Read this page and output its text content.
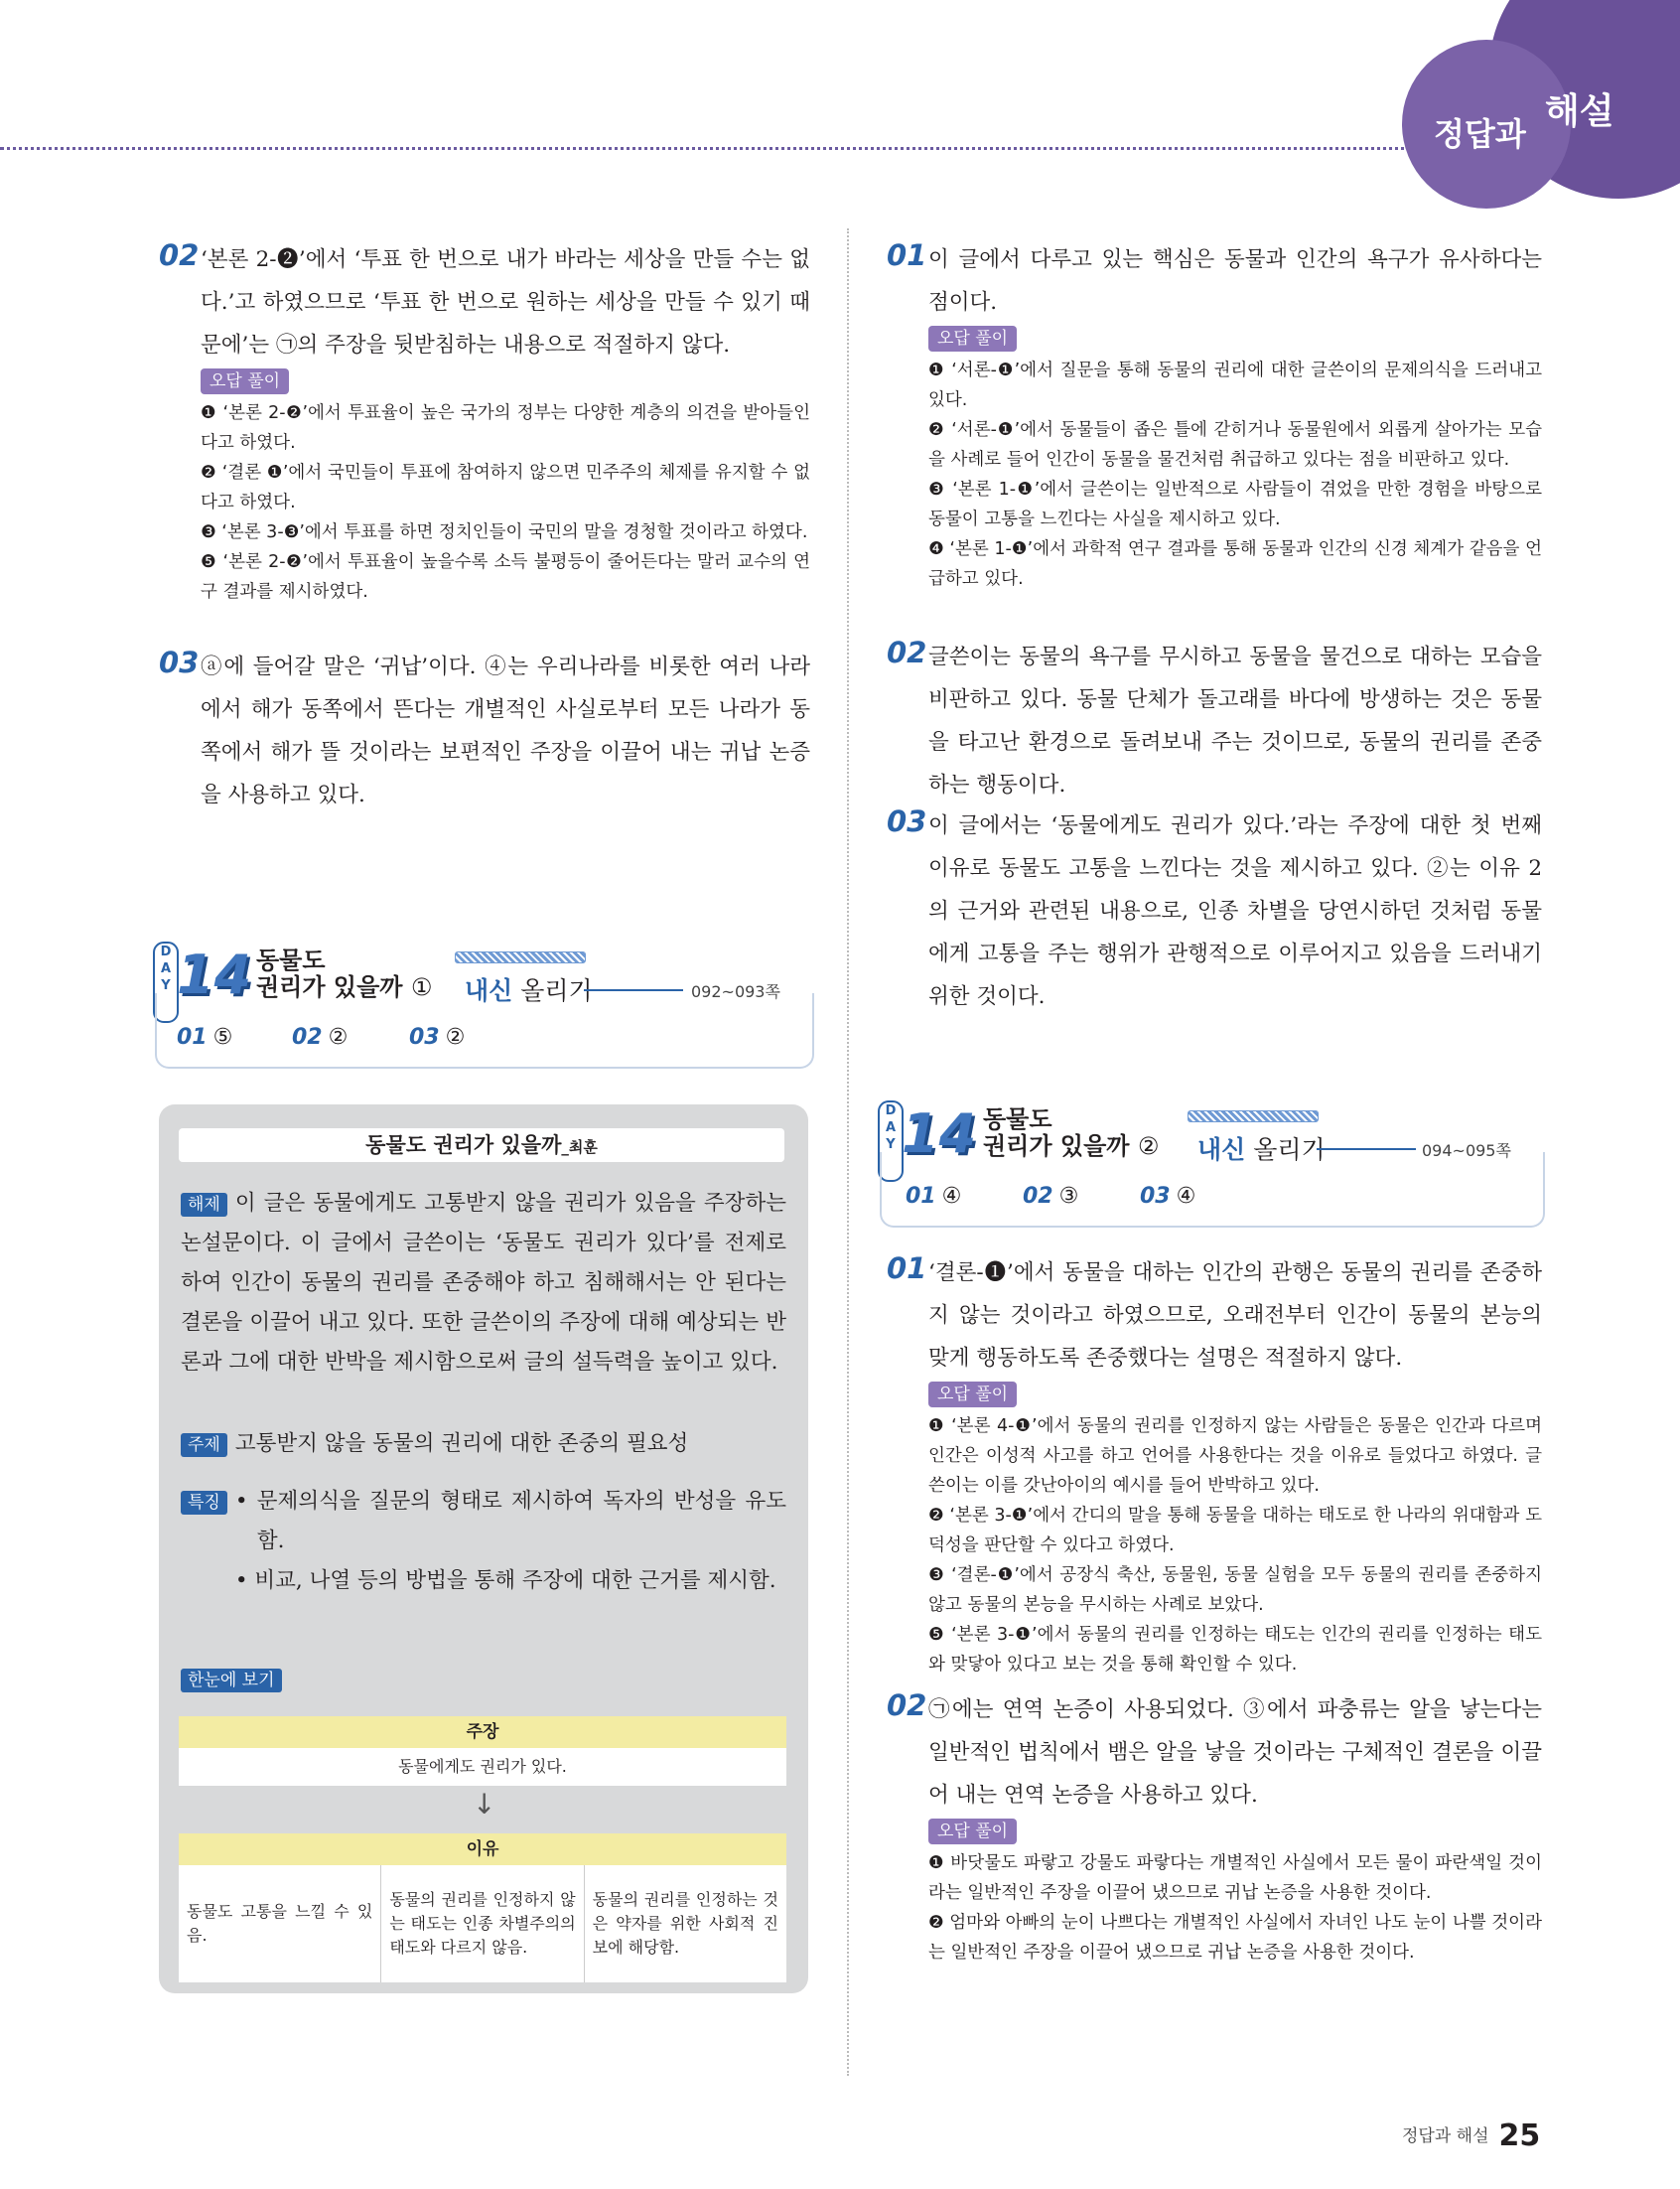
정답과
해설
02 ‘본론 2-❷’에서 ‘투표 한 번으로 내가 바라는 세상을 만들 수는 없다.’고 하였으므로 ‘투표 한 번으로 원하는 세상을 만들 수 있기 때문에’는 ㉠의 주장을 뒷받침하는 내용으로 적절하지 않다.
오답 풀이
❶ ‘본론 2-❷’에서 투표율이 높은 국가의 정부는 다양한 계층의 의견을 받아들인다고 하였다.
❷ ‘결론 ❶’에서 국민들이 투표에 참여하지 않으면 민주주의 체제를 유지할 수 없다고 하였다.
❸ ‘본론 3-❸’에서 투표를 하면 정치인들이 국민의 말을 경청할 것이라고 하였다.
❺ ‘본론 2-❷’에서 투표율이 높을수록 소득 불평등이 줄어든다는 말러 교수의 연구 결과를 제시하였다.
03 ⓐ에 들어갈 말은 ‘귀납’이다. ④는 우리나라를 비롯한 여러 나라에서 해가 동쪽에서 뜬다는 개별적인 사실로부터 모든 나라가 동쪽에서 해가 뜰 것이라는 보편적인 주장을 이끌어 내는 귀납 논증을 사용하고 있다.
D
A
Y 14 동물도
권리가 있을까 ① 내신 올리기	092~093쪽
01 ⑤	02 ②	03 ②
동물도 권리가 있을까_최훈
해제 이 글은 동물에게도 고통받지 않을 권리가 있음을 주장하는 논설문이다. 이 글에서 글쓴이는 ‘동물도 권리가 있다’를 전제로 하여 인간이 동물의 권리를 존중해야 하고 침해해서는 안 된다는 결론을 이끌어 내고 있다. 또한 글쓴이의 주장에 대해 예상되는 반론과 그에 대한 반박을 제시함으로써 글의 설득력을 높이고 있다.
주제 고통받지 않을 동물의 권리에 대한 존중의 필요성
특징 • 문제의식을 질문의 형태로 제시하여 독자의 반성을 유도함.
• 비교, 나열 등의 방법을 통해 주장에 대한 근거를 제시함.
한눈에 보기
주장
동물에게도 권리가 있다.
↓
이유
동물도 고통을 느낄 수 있음.
동물의 권리를 인정하지 않는 태도는 인종 차별주의의 태도와 다르지 않음.
동물의 권리를 인정하는 것은 약자를 위한 사회적 진보에 해당함.
01 이 글에서 다루고 있는 핵심은 동물과 인간의 욕구가 유사하다는 점이다.
오답 풀이
❶ ‘서론-❶’에서 질문을 통해 동물의 권리에 대한 글쓴이의 문제의식을 드러내고 있다.
❷ ‘서론-❶’에서 동물들이 좁은 틀에 갇히거나 동물원에서 외롭게 살아가는 모습을 사례로 들어 인간이 동물을 물건처럼 취급하고 있다는 점을 비판하고 있다.
❸ ‘본론 1-❶’에서 글쓴이는 일반적으로 사람들이 겪었을 만한 경험을 바탕으로 동물이 고통을 느낀다는 사실을 제시하고 있다.
❹ ‘본론 1-❶’에서 과학적 연구 결과를 통해 동물과 인간의 신경 체계가 같음을 언급하고 있다.
02 글쓴이는 동물의 욕구를 무시하고 동물을 물건으로 대하는 모습을 비판하고 있다. 동물 단체가 돌고래를 바다에 방생하는 것은 동물을 타고난 환경으로 돌려보내 주는 것이므로, 동물의 권리를 존중하는 행동이다.
03 이 글에서는 ‘동물에게도 권리가 있다.’라는 주장에 대한 첫 번째 이유로 동물도 고통을 느낀다는 것을 제시하고 있다. ②는 이유 2의 근거와 관련된 내용으로, 인종 차별을 당연시하던 것처럼 동물에게 고통을 주는 행위가 관행적으로 이루어지고 있음을 드러내기 위한 것이다.
D
A
Y 14 동물도
권리가 있을까 ② 내신 올리기	094~095쪽
01 ④	02 ③	03 ④
01 ‘결론-❶’에서 동물을 대하는 인간의 관행은 동물의 권리를 존중하지 않는 것이라고 하였으므로, 오래전부터 인간이 동물의 본능의 맞게 행동하도록 존중했다는 설명은 적절하지 않다.
오답 풀이
❶ ‘본론 4-❶’에서 동물의 권리를 인정하지 않는 사람들은 동물은 인간과 다르며 인간은 이성적 사고를 하고 언어를 사용한다는 것을 이유로 들었다고 하였다. 글쓴이는 이를 갓난아이의 예시를 들어 반박하고 있다.
❷ ‘본론 3-❶’에서 간디의 말을 통해 동물을 대하는 태도로 한 나라의 위대함과 도덕성을 판단할 수 있다고 하였다.
❸ ‘결론-❶’에서 공장식 축산, 동물원, 동물 실험을 모두 동물의 권리를 존중하지 않고 동물의 본능을 무시하는 사례로 보았다.
❺ ‘본론 3-❶’에서 동물의 권리를 인정하는 태도는 인간의 권리를 인정하는 태도와 맞닿아 있다고 보는 것을 통해 확인할 수 있다.
02 ㉠에는 연역 논증이 사용되었다. ③에서 파충류는 알을 낳는다는 일반적인 법칙에서 뱀은 알을 낳을 것이라는 구체적인 결론을 이끌어 내는 연역 논증을 사용하고 있다.
오답 풀이
❶ 바닷물도 파랗고 강물도 파랗다는 개별적인 사실에서 모든 물이 파란색일 것이라는 일반적인 주장을 이끌어 냈으므로 귀납 논증을 사용한 것이다.
❷ 엄마와 아빠의 눈이 나쁘다는 개별적인 사실에서 자녀인 나도 눈이 나쁠 것이라는 일반적인 주장을 이끌어 냈으므로 귀납 논증을 사용한 것이다.
정답과 해설 25
